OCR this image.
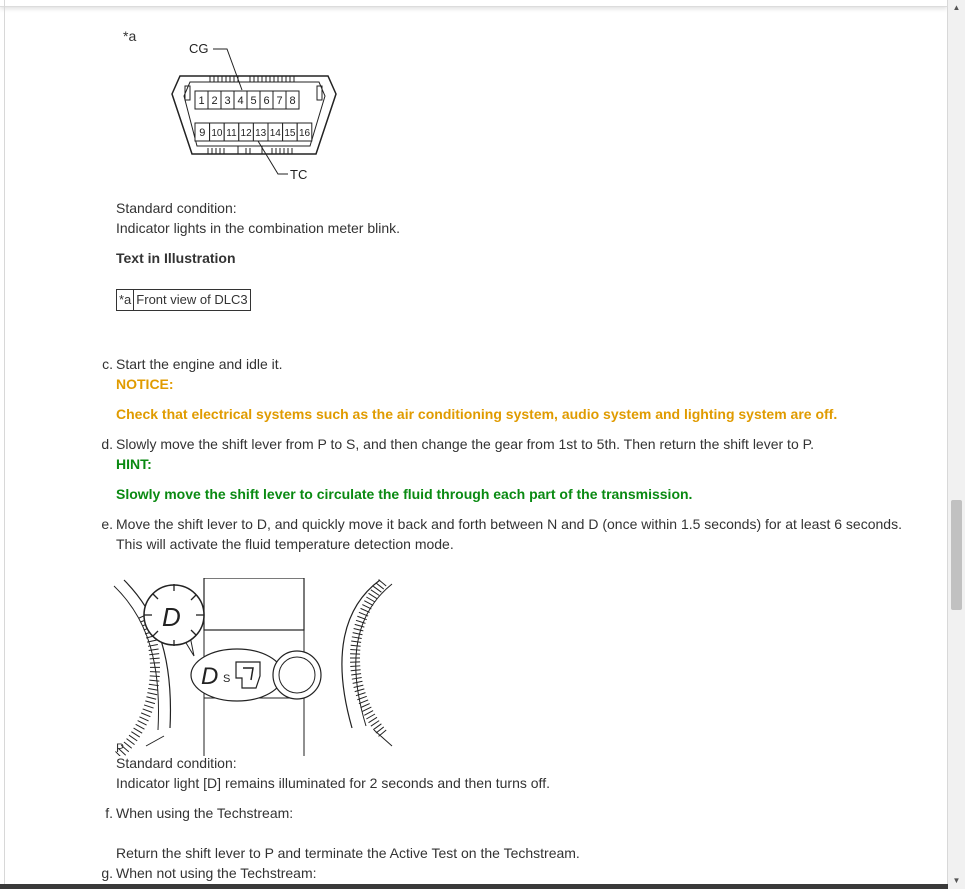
*a
CG
1 2 3 4 5 6 7 8
9 10 11 12 13 14 15 16
TC
Standard condition:
Indicator lights in the combination meter blink.
Text in Illustration
*a	Front view of DLC3
c. Start the engine and idle it.
NOTICE:
Check that electrical systems such as the air conditioning system, audio system and lighting system are off.
d. Slowly move the shift lever from P to S, and then change the gear from 1st to 5th. Then return the shift lever to P.
HINT:
Slowly move the shift lever to circulate the fluid through each part of the transmission.
e. Move the shift lever to D, and quickly move it back and forth between N and D (once within 1.5 seconds) for at least 6 seconds.
This will activate the fluid temperature detection mode.
D S
D
P
Standard condition:
Indicator light [D] remains illuminated for 2 seconds and then turns off.
f. When using the Techstream:
Return the shift lever to P and terminate the Active Test on the Techstream.
g. When not using the Techstream:
▲
▼
